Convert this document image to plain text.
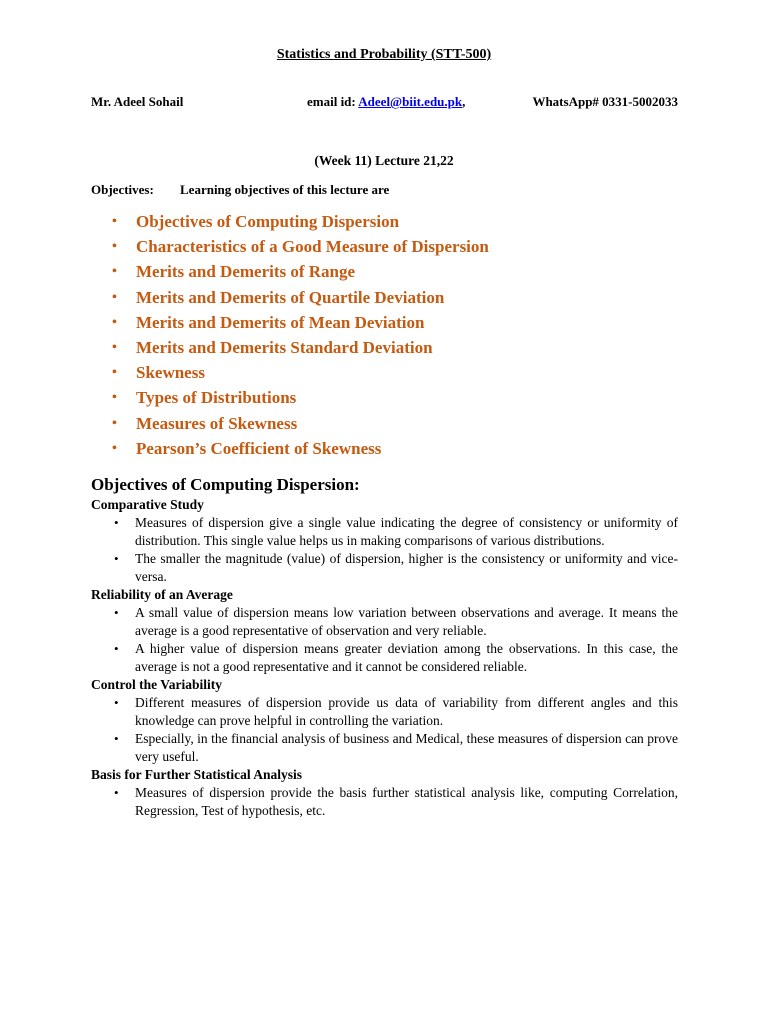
Statistics and Probability (STT-500)
Mr. Adeel Sohail	email id: Adeel@biit.edu.pk,	WhatsApp# 0331-5002033
(Week 11) Lecture 21,22
Objectives: Learning objectives of this lecture are
• Objectives of Computing Dispersion
• Characteristics of a Good Measure of Dispersion
• Merits and Demerits of Range
• Merits and Demerits of Quartile Deviation
• Merits and Demerits of Mean Deviation
• Merits and Demerits Standard Deviation
• Skewness
• Types of Distributions
• Measures of Skewness
• Pearson’s Coefficient of Skewness
Objectives of Computing Dispersion:
Comparative Study
• Measures of dispersion give a single value indicating the degree of consistency or uniformity of distribution. This single value helps us in making comparisons of various distributions.
• The smaller the magnitude (value) of dispersion, higher is the consistency or uniformity and vice-versa.
Reliability of an Average
• A small value of dispersion means low variation between observations and average. It means the average is a good representative of observation and very reliable.
• A higher value of dispersion means greater deviation among the observations. In this case, the average is not a good representative and it cannot be considered reliable.
Control the Variability
• Different measures of dispersion provide us data of variability from different angles and this knowledge can prove helpful in controlling the variation.
• Especially, in the financial analysis of business and Medical, these measures of dispersion can prove very useful.
Basis for Further Statistical Analysis
• Measures of dispersion provide the basis further statistical analysis like, computing Correlation, Regression, Test of hypothesis, etc.
